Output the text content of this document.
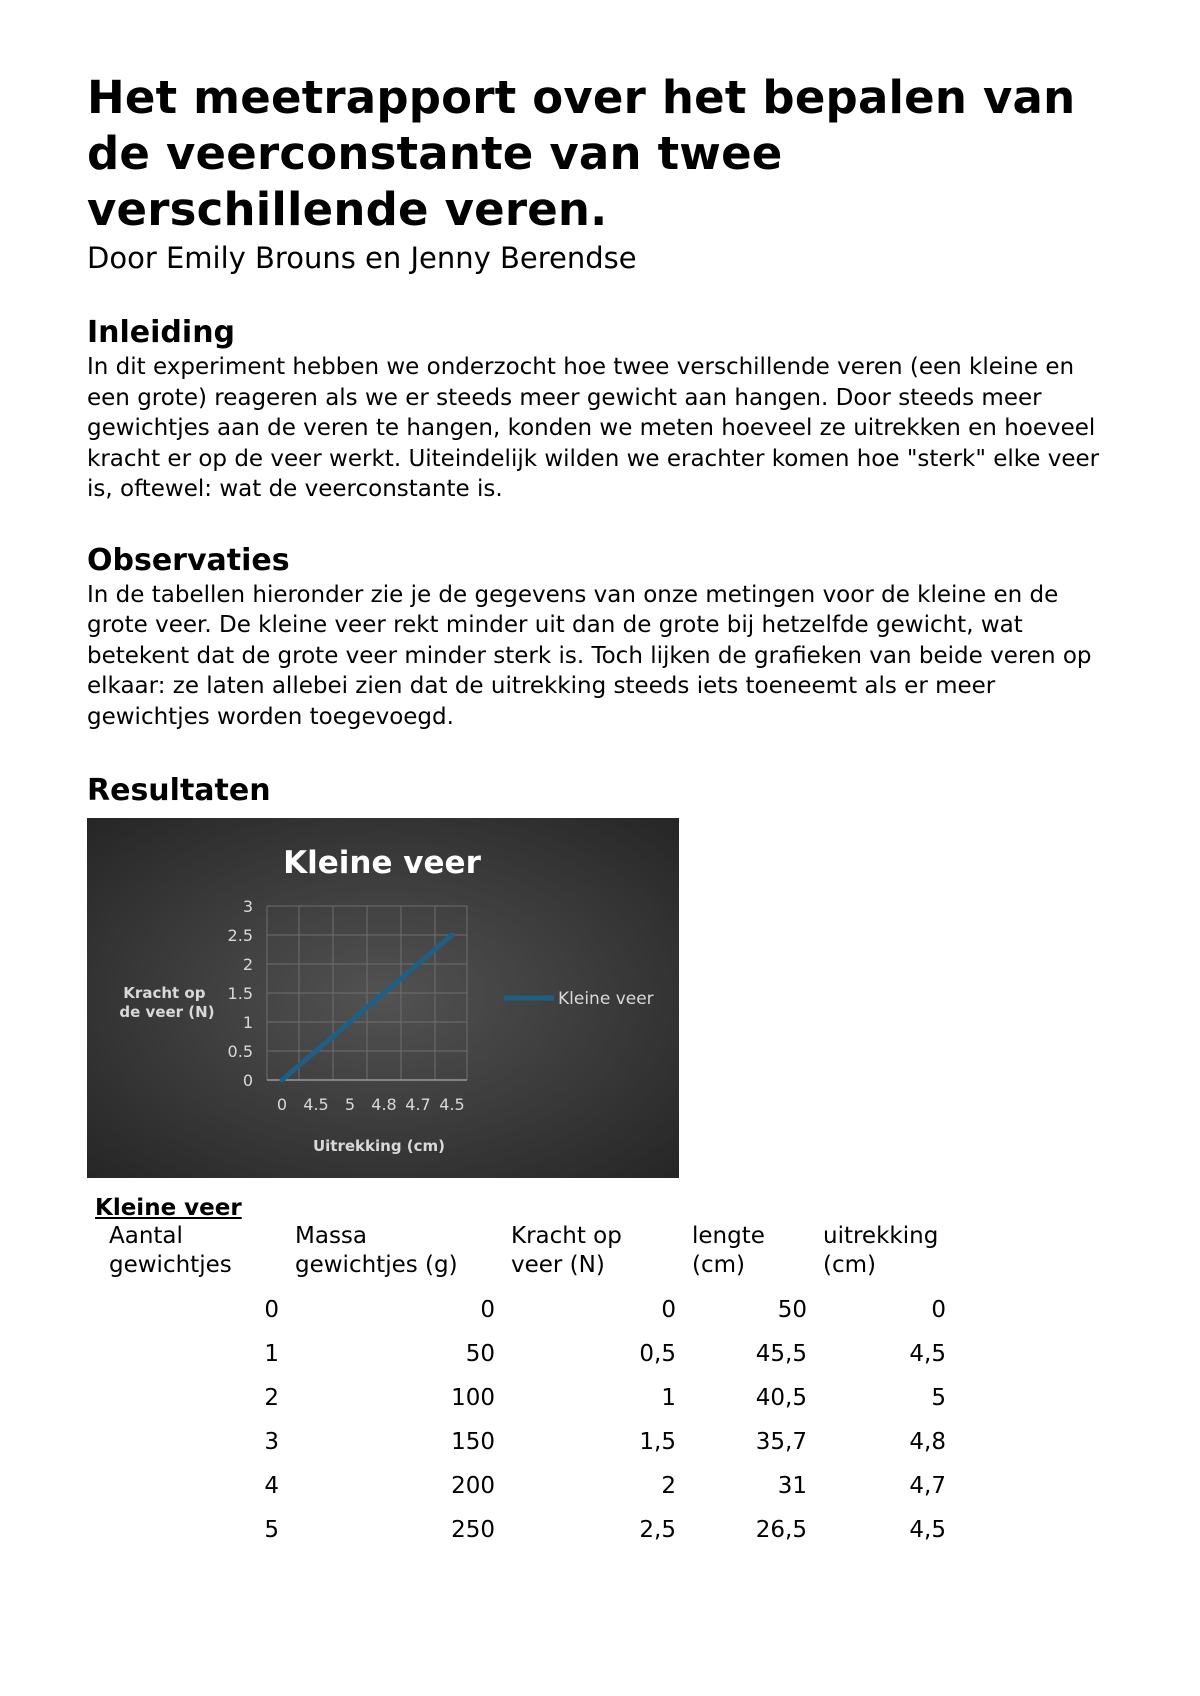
Het meetrapport over het bepalen van de veerconstante van twee verschillende veren.
Door Emily Brouns en Jenny Berendse
Inleiding

In dit experiment hebben we onderzocht hoe twee verschillende veren (een kleine en een grote) reageren als we er steeds meer gewicht aan hangen. Door steeds meer gewichtjes aan de veren te hangen, konden we meten hoeveel ze uitrekken en hoeveel kracht er op de veer werkt. Uiteindelijk wilden we erachter komen hoe "sterk" elke veer is, oftewel: wat de veerconstante is.

Observaties

In de tabellen hieronder zie je de gegevens van onze metingen voor de kleine en de grote veer. De kleine veer rekt minder uit dan de grote bij hetzelfde gewicht, wat betekent dat de grote veer minder sterk is. Toch lijken de grafieken van beide veren op elkaar: ze laten allebei zien dat de uitrekking steeds iets toeneemt als er meer gewichtjes worden toegevoegd.

Resultaten
Kleine veer
0
0.5
1
1.5
2
2.5
3
0 4.5 5 4.8 4.7 4.5
Kracht op de veer (N)
Uitrekking (cm)
Kleine veer
Kleine veer
Aantal gewichtjes	Massa gewichtjes (g)	Kracht op veer (N)	lengte (cm)	uitrekking (cm)
0	0	0	50	0
1	50	0,5	45,5	4,5
2	100	1	40,5	5
3	150	1,5	35,7	4,8
4	200	2	31	4,7
5	250	2,5	26,5	4,5
